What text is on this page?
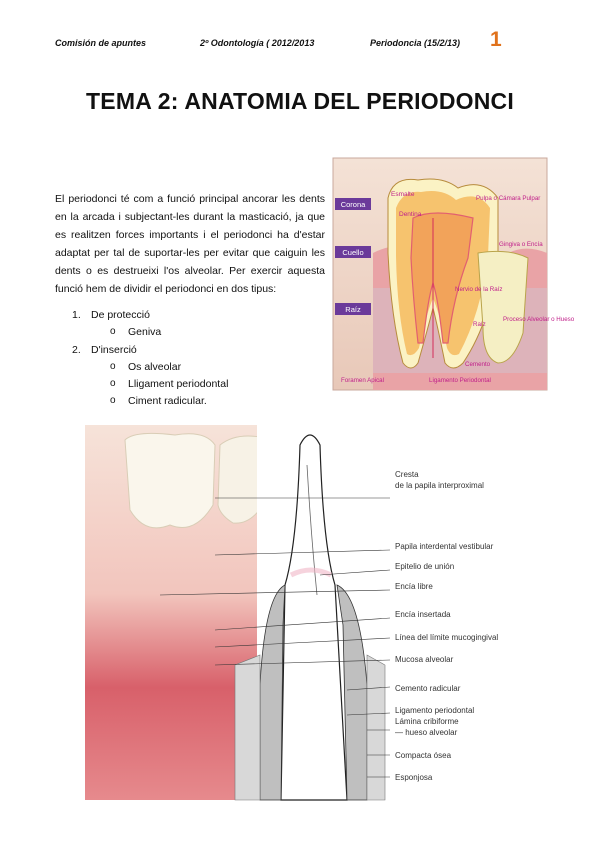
Comisión de apuntes	2º Odontología ( 2012/2013	Periodoncia (15/2/13) 1
TEMA 2: ANATOMIA DEL PERIODONCI

El periodonci té com a funció principal ancorar les dents en la arcada i subjectant-les durant la masticació, ja que es realitzen forces importants i el periodonci ha d'estar adaptat per tal de suportar-les per evitar que caiguin les dents o es destrueixi l'os alveolar. Per exercir aquesta funció hem de dividir el periodonci en dos tipus:

1. De protecció
o Geniva
2. D'inserció
o Os alveolar
o Lligament periodontal
o Ciment radicular.
Corona
Cuello
Raíz
Esmalte
Dentina
Pulpa o Cámara Pulpar
Gingiva o Encía
Nervio de la Raíz
Raíz
Proceso Alveolar o Hueso
Cemento
Foramen Apical	Ligamento Periodontal
Cresta
de la papila interproximal
Papila interdental vestibular
Epitelio de unión
Encía libre
Encía insertada
Línea del límite mucogingival
Mucosa alveolar
Cemento radicular
Ligamento periodontal
Lámina cribiforme
— hueso alveolar
Compacta ósea
Esponjosa
